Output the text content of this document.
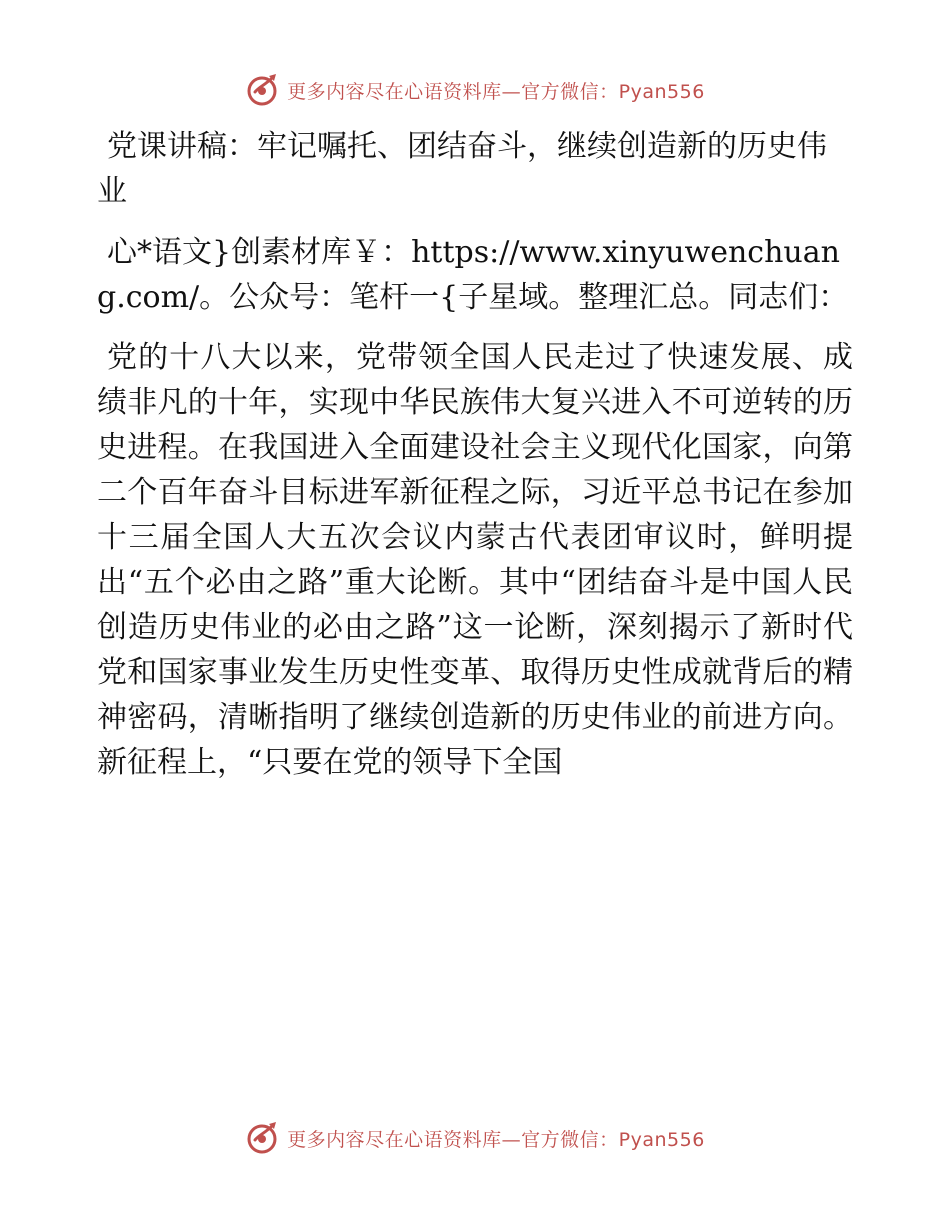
更多内容尽在心语资料库—官方微信：Pyan556

党课讲稿：牢记嘱托、团结奋斗，继续创造新的历史伟业

心*语文}创素材库￥：https://www.xinyuwenchuang.com/。公众号：笔杆一{子星域。整理汇总。同志们：

党的十八大以来，党带领全国人民走过了快速发展、成绩非凡的十年，实现中华民族伟大复兴进入不可逆转的历史进程。在我国进入全面建设社会主义现代化国家，向第二个百年奋斗目标进军新征程之际，习近平总书记在参加十三届全国人大五次会议内蒙古代表团审议时，鲜明提出“五个必由之路”重大论断。其中“团结奋斗是中国人民创造历史伟业的必由之路”这一论断，深刻揭示了新时代党和国家事业发生历史性变革、取得历史性成就背后的精神密码，清晰指明了继续创造新的历史伟业的前进方向。新征程上，“只要在党的领导下全国

更多内容尽在心语资料库—官方微信：Pyan556
